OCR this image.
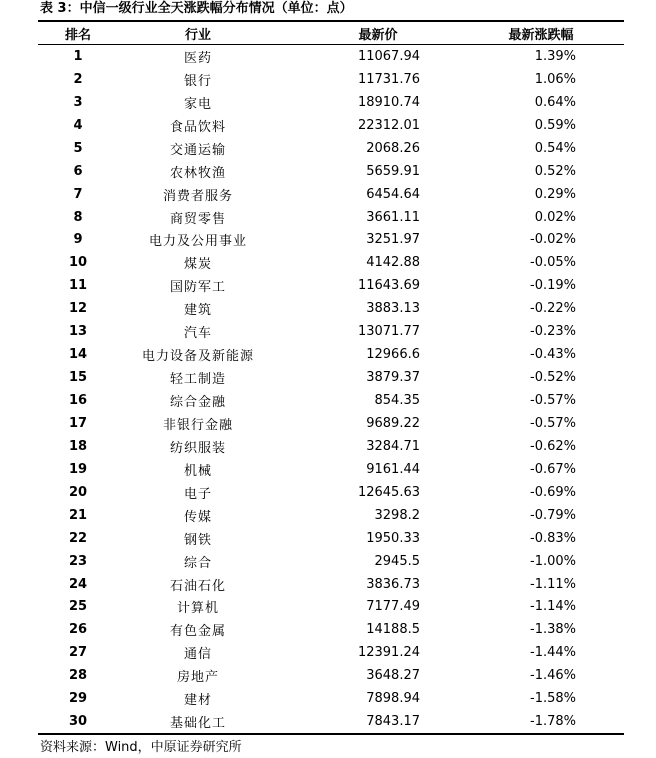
表 3：中信一级行业全天涨跌幅分布情况（单位：点）
排名	行业	最新价	最新涨跌幅
1	医药	11067.94	1.39%
2	银行	11731.76	1.06%
3	家电	18910.74	0.64%
4	食品饮料	22312.01	0.59%
5	交通运输	2068.26	0.54%
6	农林牧渔	5659.91	0.52%
7	消费者服务	6454.64	0.29%
8	商贸零售	3661.11	0.02%
9	电力及公用事业	3251.97	-0.02%
10	煤炭	4142.88	-0.05%
11	国防军工	11643.69	-0.19%
12	建筑	3883.13	-0.22%
13	汽车	13071.77	-0.23%
14	电力设备及新能源	12966.6	-0.43%
15	轻工制造	3879.37	-0.52%
16	综合金融	854.35	-0.57%
17	非银行金融	9689.22	-0.57%
18	纺织服装	3284.71	-0.62%
19	机械	9161.44	-0.67%
20	电子	12645.63	-0.69%
21	传媒	3298.2	-0.79%
22	钢铁	1950.33	-0.83%
23	综合	2945.5	-1.00%
24	石油石化	3836.73	-1.11%
25	计算机	7177.49	-1.14%
26	有色金属	14188.5	-1.38%
27	通信	12391.24	-1.44%
28	房地产	3648.27	-1.46%
29	建材	7898.94	-1.58%
30	基础化工	7843.17	-1.78%
资料来源：Wind，中原证券研究所
